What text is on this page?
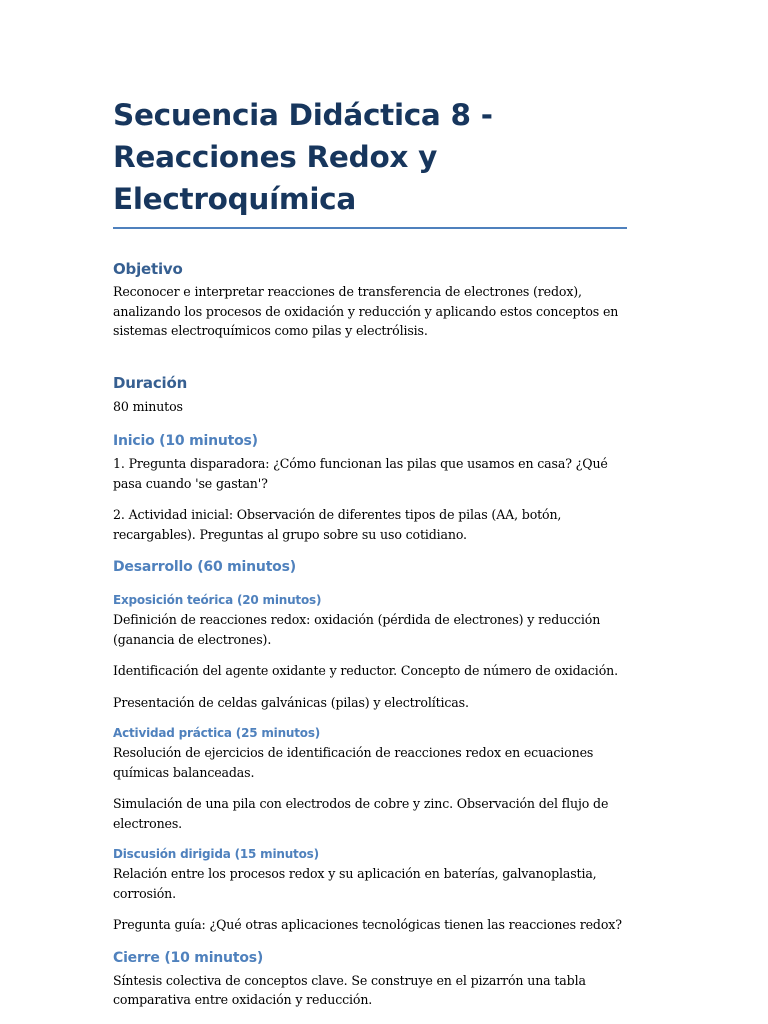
Secuencia Didáctica 8 - Reacciones Redox y Electroquímica
Objetivo

Reconocer e interpretar reacciones de transferencia de electrones (redox), analizando los procesos de oxidación y reducción y aplicando estos conceptos en sistemas electroquímicos como pilas y electrólisis.

Duración

80 minutos

Inicio (10 minutos)

1. Pregunta disparadora: ¿Cómo funcionan las pilas que usamos en casa? ¿Qué pasa cuando 'se gastan'?

2. Actividad inicial: Observación de diferentes tipos de pilas (AA, botón, recargables). Preguntas al grupo sobre su uso cotidiano.

Desarrollo (60 minutos)
Exposición teórica (20 minutos)

Definición de reacciones redox: oxidación (pérdida de electrones) y reducción (ganancia de electrones).

Identificación del agente oxidante y reductor. Concepto de número de oxidación.

Presentación de celdas galvánicas (pilas) y electrolíticas.

Actividad práctica (25 minutos)

Resolución de ejercicios de identificación de reacciones redox en ecuaciones químicas balanceadas.

Simulación de una pila con electrodos de cobre y zinc. Observación del flujo de electrones.

Discusión dirigida (15 minutos)

Relación entre los procesos redox y su aplicación en baterías, galvanoplastia, corrosión.

Pregunta guía: ¿Qué otras aplicaciones tecnológicas tienen las reacciones redox?

Cierre (10 minutos)

Síntesis colectiva de conceptos clave. Se construye en el pizarrón una tabla comparativa entre oxidación y reducción.
